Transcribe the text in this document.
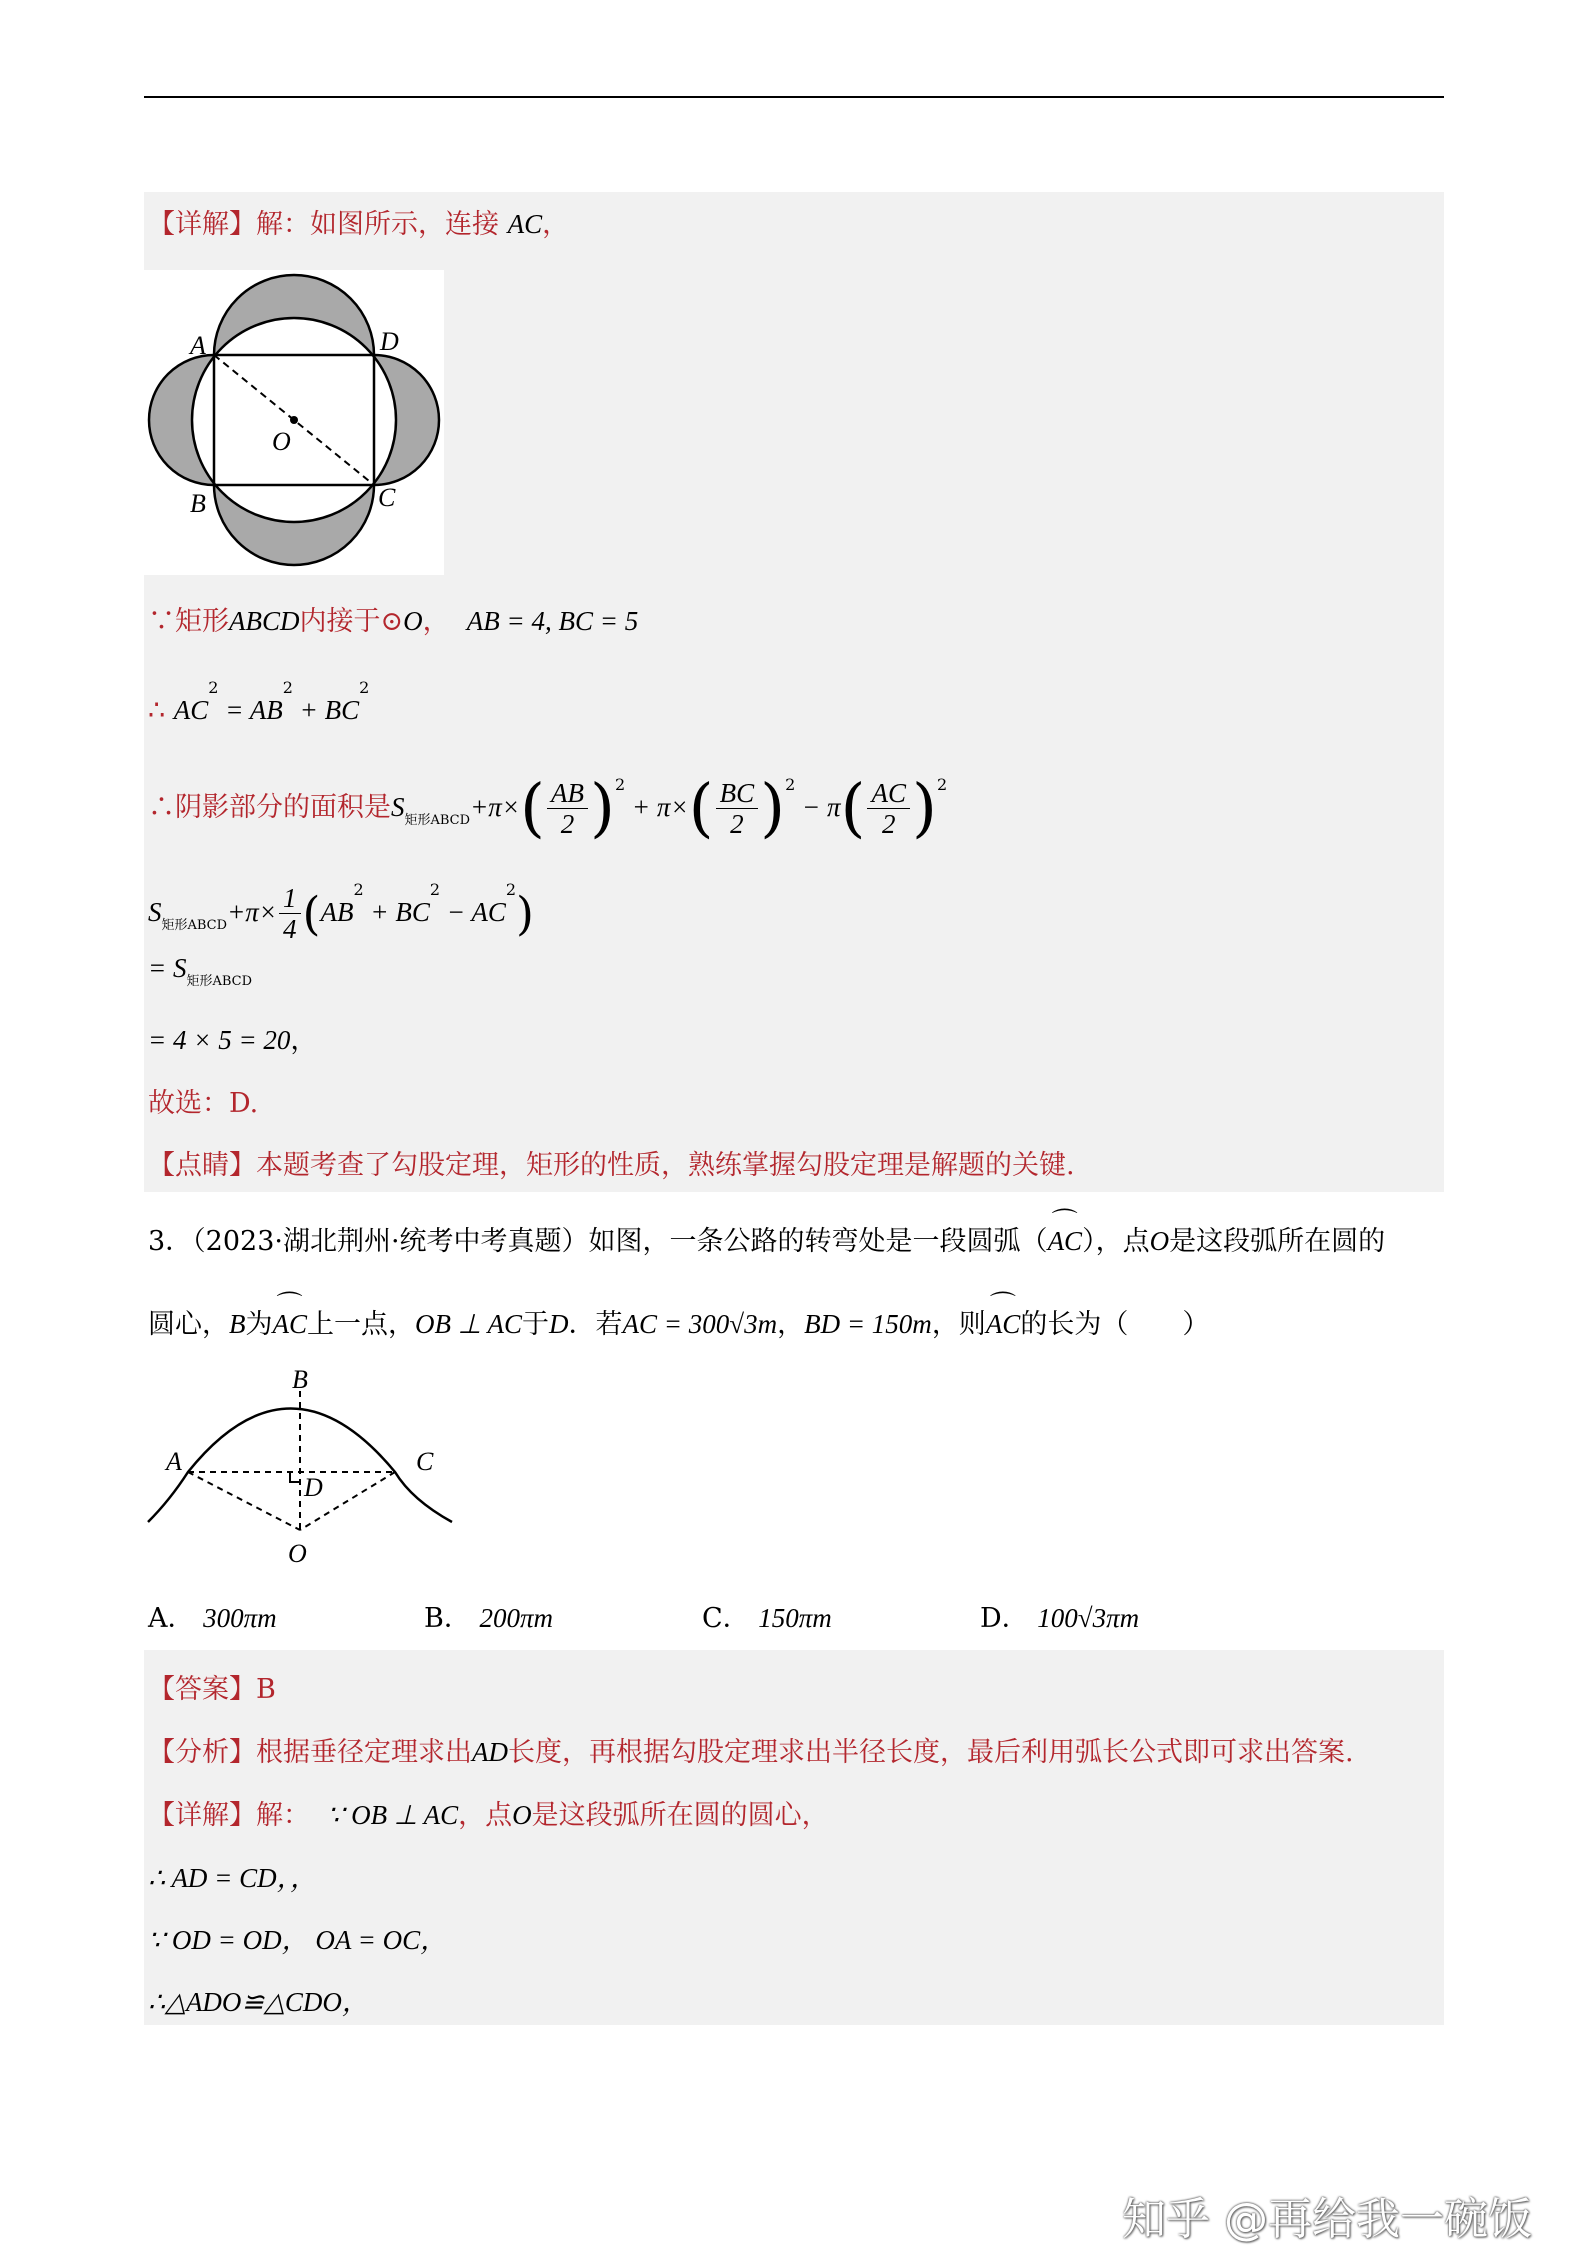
【详解】解：如图所示，连接 AC，
A	D
O
B	C
∵矩形ABCD内接于⊙O， AB = 4, BC = 5
∴ $AC^2 = AB^2 + BC^2$
∴阴影部分的面积是$S_{矩形ABCD}+\pi\times( \frac{AB}{2} )^2 + \pi\times( \frac{BC}{2} )^2 - \pi( \frac{AC}{2} )^2$
$S_{矩形ABCD}+\pi\times \frac{1}{4} (AB^2 + BC^2 - AC^2)$
= $S_{矩形ABCD}$
= 4 × 5 = 20，
故选：D.
【点睛】本题考查了勾股定理，矩形的性质，熟练掌握勾股定理是解题的关键.
3．（2023·湖北荆州·统考中考真题）如图，一条公路的转弯处是一段圆弧（⌒ AC），点O是这段弧所在圆的
圆心，B为⌒ AC上一点，OB ⊥ AC于D．若AC = 300√3m，BD = 150m，则⌒ AC的长为（　　）
B
A	C
D
O
A． 300πm	B． 200πm	C． 150πm	D． 100√3πm
【答案】B
【分析】根据垂径定理求出AD长度，再根据勾股定理求出半径长度，最后利用弧长公式即可求出答案.
【详解】解： ∵ OB ⊥ AC，点O是这段弧所在圆的圆心，
∴ AD = CD，，
∵ OD = OD， OA = OC，
∴△ADO≌△CDO，
知乎 @再给我一碗饭
